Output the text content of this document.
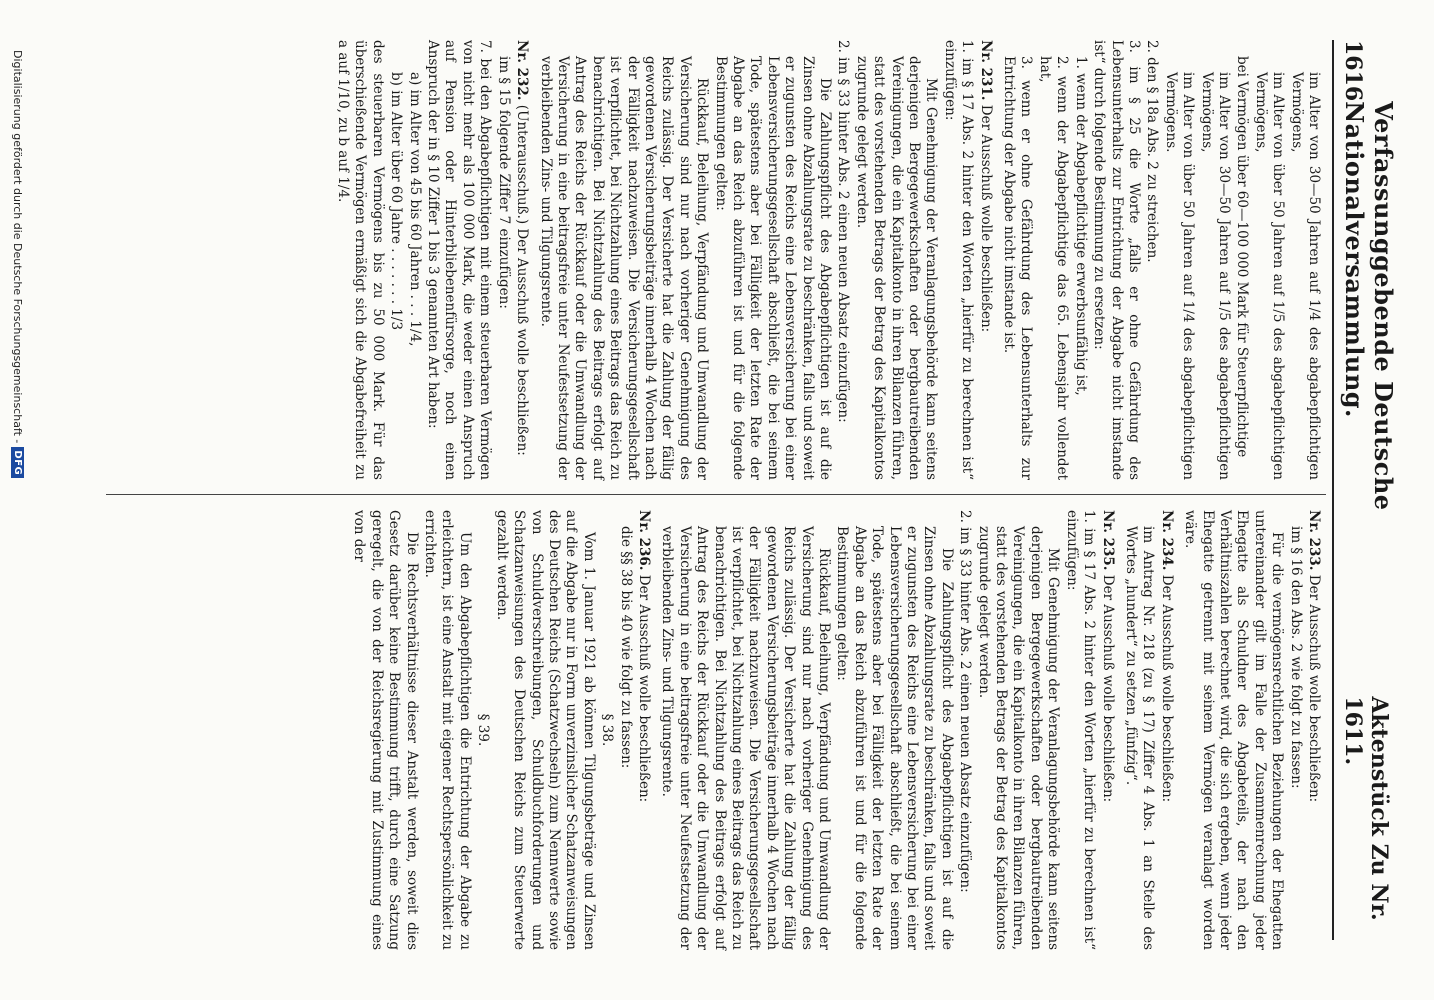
1616
Verfassunggebende Deutsche Nationalversammlung.
Aktenstück Zu Nr. 1611.

im Alter von 30—50 Jahren auf 1/4 des abgabepflichtigen Vermögens,

im Alter von über 50 Jahren auf 1/5 des abgabepflichtigen Vermögens,

bei Vermögen über 60—100 000 Mark für Steuerpflichtige

im Alter von 30—50 Jahren auf 1/5 des abgabepflichtigen Vermögens,

im Alter von über 50 Jahren auf 1/4 des abgabepflichtigen Vermögens.

2. den § 18a Abs. 2 zu streichen.

3. im § 25 die Worte „falls er ohne Gefährdung des Lebensunterhalts zur Entrichtung der Abgabe nicht imstande ist“ durch folgende Bestimmung zu ersetzen:

1. wenn der Abgabepflichtige erwerbsunfähig ist,

2. wenn der Abgabepflichtige das 65. Lebensjahr vollendet hat,

3. wenn er ohne Gefährdung des Lebensunterhalts zur Entrichtung der Abgabe nicht imstande ist.

Nr. 231. Der Ausschuß wolle beschließen:

1. im § 17 Abs. 2 hinter den Worten „hierfür zu berechnen ist“ einzufügen:

Mit Genehmigung der Veranlagungsbehörde kann seitens derjenigen Bergegewerkschaften oder bergbautreibenden Vereinigungen, die ein Kapitalkonto in ihren Bilanzen führen, statt des vorstehenden Betrags der Betrag des Kapitalkontos zugrunde gelegt werden.

2. im § 33 hinter Abs. 2 einen neuen Absatz einzufügen:

Die Zahlungspflicht des Abgabepflichtigen ist auf die Zinsen ohne Abzahlungsrate zu beschränken, falls und soweit er zugunsten des Reichs eine Lebensversicherung bei einer Lebensversicherungsgesellschaft abschließt, die bei seinem Tode, spätestens aber bei Fälligkeit der letzten Rate der Abgabe an das Reich abzuführen ist und für die folgende Bestimmungen gelten:

Rückkauf, Beleihung, Verpfändung und Umwandlung der Versicherung sind nur nach vorheriger Genehmigung des Reichs zulässig. Der Versicherte hat die Zahlung der fällig gewordenen Versicherungsbeiträge innerhalb 4 Wochen nach der Fälligkeit nachzuweisen. Die Versicherungsgesellschaft ist verpflichtet, bei Nichtzahlung eines Beitrags das Reich zu benachrichtigen. Bei Nichtzahlung des Beitrags erfolgt auf Antrag des Reichs der Rückkauf oder die Umwandlung der Versicherung in eine beitragsfreie unter Neufestsetzung der verbleibenden Zins- und Tilgungsrente.

Nr. 232. (Unterausschuß.) Der Ausschuß wolle beschließen:

im § 15 folgende Ziffer 7 einzufügen:

7. bei den Abgabepflichtigen mit einem steuerbaren Vermögen von nicht mehr als 100 000 Mark, die weder einen Anspruch auf Pension oder Hinterbliebenenfürsorge, noch einen Anspruch der in § 10 Ziffer 1 bis 3 genannten Art haben:

a) im Alter von 45 bis 60 Jahren . . . 1/4,

b) im Alter über 60 Jahre . . . . . . . 1/3

des steuerbaren Vermögens bis zu 50 000 Mark. Für das überschießende Vermögen ermäßigt sich die Abgabefreiheit zu a auf 1/10, zu b auf 1/4.

Nr. 233. Der Ausschuß wolle beschließen:

im § 16 den Abs. 2 wie folgt zu fassen:

Für die vermögensrechtlichen Beziehungen der Ehegatten untereinander gilt im Falle der Zusammenrechnung jeder Ehegatte als Schuldner des Abgabeteils, der nach den Verhältniszahlen berechnet wird, die sich ergeben, wenn jeder Ehegatte getrennt mit seinem Vermögen veranlagt worden wäre.

Nr. 234. Der Ausschuß wolle beschließen:

im Antrag Nr. 218 (zu § 17) Ziffer 4 Abs. 1 an Stelle des Wortes „hundert“ zu setzen „fünfzig“.

Nr. 235. Der Ausschuß wolle beschließen:

1. im § 17 Abs. 2 hinter den Worten „hierfür zu berechnen ist“ einzufügen:

Mit Genehmigung der Veranlagungsbehörde kann seitens derjenigen Bergegewerkschaften oder bergbautreibenden Vereinigungen, die ein Kapitalkonto in ihren Bilanzen führen, statt des vorstehenden Betrags der Betrag des Kapitalkontos zugrunde gelegt werden.

2. im § 33 hinter Abs. 2 einen neuen Absatz einzufügen:

Die Zahlungspflicht des Abgabepflichtigen ist auf die Zinsen ohne Abzahlungsrate zu beschränken, falls und soweit er zugunsten des Reichs eine Lebensversicherung bei einer Lebensversicherungsgesellschaft abschließt, die bei seinem Tode, spätestens aber bei Fälligkeit der letzten Rate der Abgabe an das Reich abzuführen ist und für die folgende Bestimmungen gelten:

Rückkauf, Beleihung, Verpfändung und Umwandlung der Versicherung sind nur nach vorheriger Genehmigung des Reichs zulässig. Der Versicherte hat die Zahlung der fällig gewordenen Versicherungsbeiträge innerhalb 4 Wochen nach der Fälligkeit nachzuweisen. Die Versicherungsgesellschaft ist verpflichtet, bei Nichtzahlung eines Beitrags das Reich zu benachrichtigen. Bei Nichtzahlung des Beitrags erfolgt auf Antrag des Reichs der Rückkauf oder die Umwandlung der Versicherung in eine beitragsfreie unter Neufestsetzung der verbleibenden Zins- und Tilgungsrente.

Nr. 236. Der Ausschuß wolle beschließen:

die §§ 38 bis 40 wie folgt zu fassen:

§ 38.

Vom 1. Januar 1921 ab können Tilgungsbeträge und Zinsen auf die Abgabe nur in Form unverzinslicher Schatzanweisungen des Deutschen Reichs (Schatzwechseln) zum Nennwerte sowie von Schuldverschreibungen, Schuldbuchforderungen und Schatzanweisungen des Deutschen Reichs zum Steuerwerte gezahlt werden.

§ 39.

Um den Abgabepflichtigen die Entrichtung der Abgabe zu erleichtern, ist eine Anstalt mit eigener Rechtspersönlichkeit zu errichten.

Die Rechtsverhältnisse dieser Anstalt werden, soweit dies Gesetz darüber keine Bestimmung trifft, durch eine Satzung geregelt, die von der Reichsregierung mit Zustimmung eines von der

Digitalisierung gefördert durch die Deutsche Forschungsgemeinschaft -
DFG
